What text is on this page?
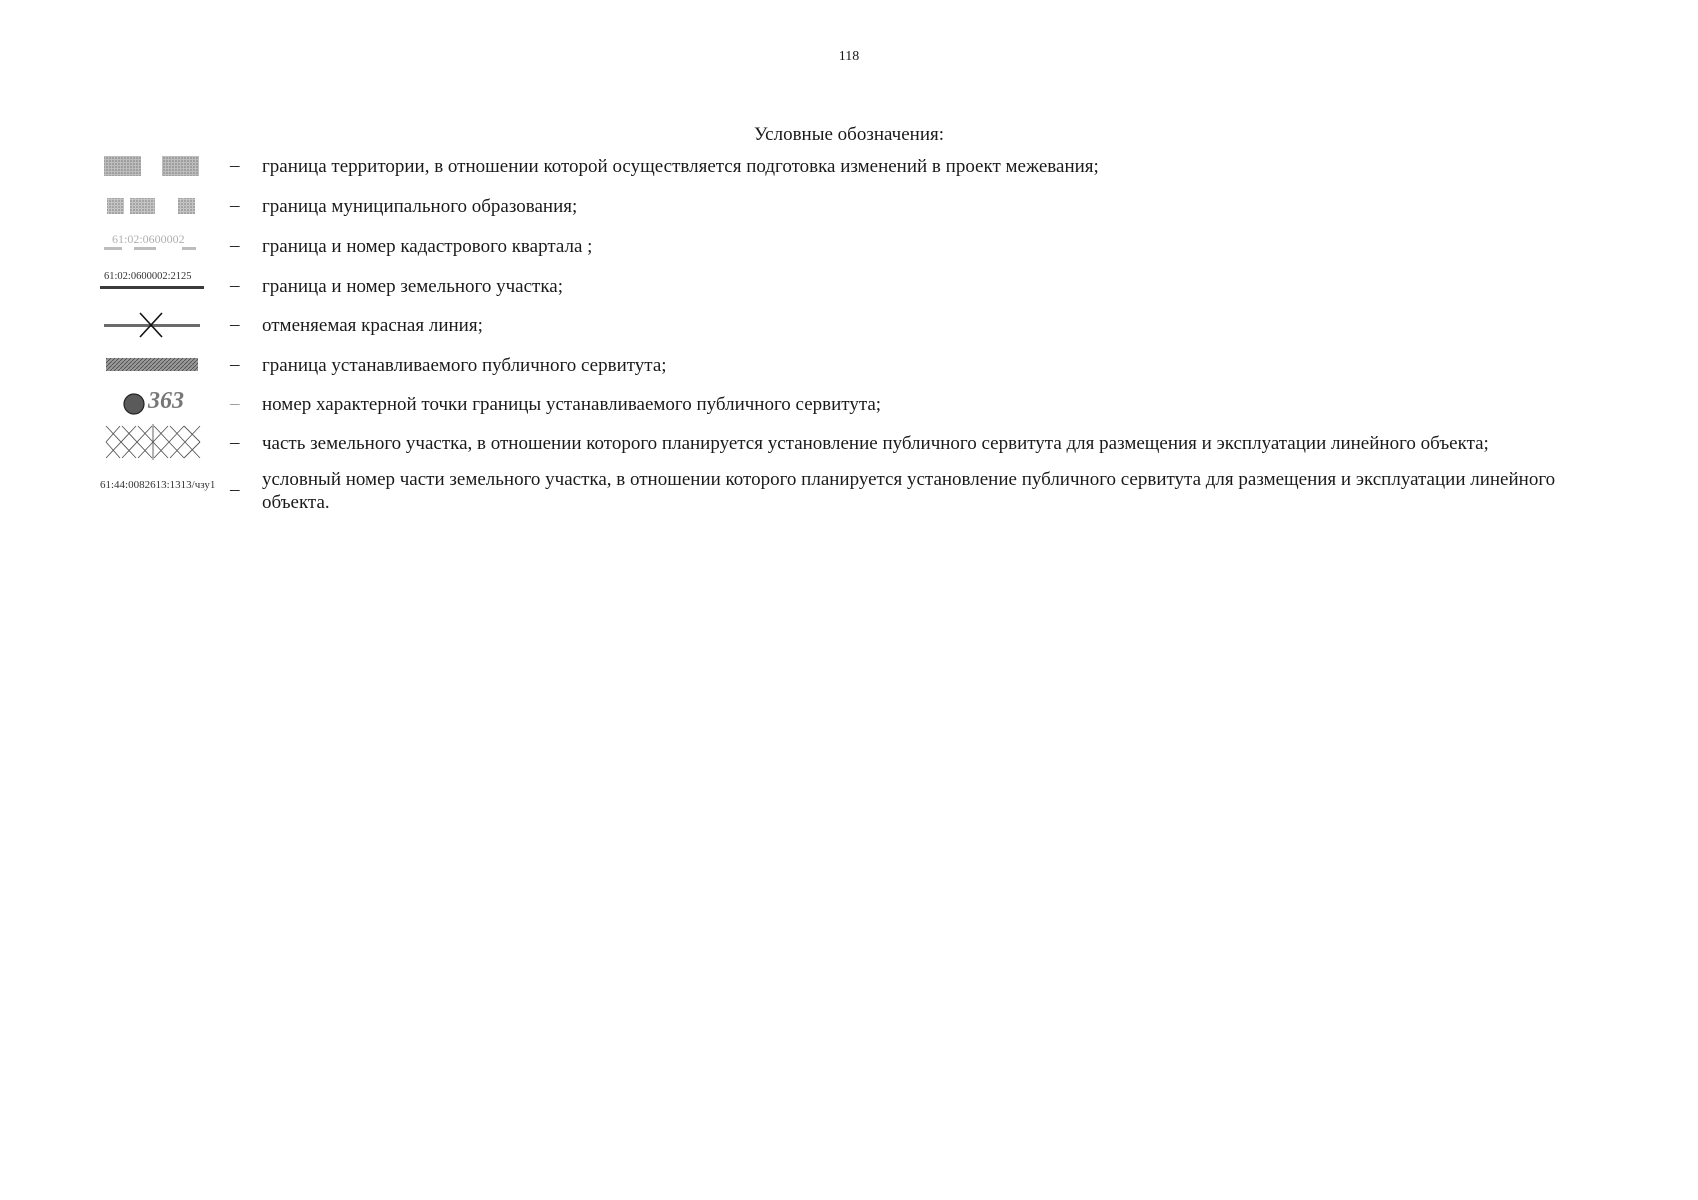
118
Условные обозначения:
– граница территории, в отношении которой осуществляется подготовка изменений в проект межевания;
– граница муниципального образования;
61:02:0600002 – граница и номер кадастрового квартала ;
61:02:0600002:2125 – граница и номер земельного участка;
– отменяемая красная линия;
– граница устанавливаемого публичного сервитута;
363 – номер характерной точки границы устанавливаемого публичного сервитута;
– часть земельного участка, в отношении которого планируется установление публичного сервитута для размещения и эксплуатации линейного объекта;
61:44:0082613:1313/чзу1 – условный номер части земельного участка, в отношении которого планируется установление публичного сервитута для размещения и эксплуатации линейного объекта.
